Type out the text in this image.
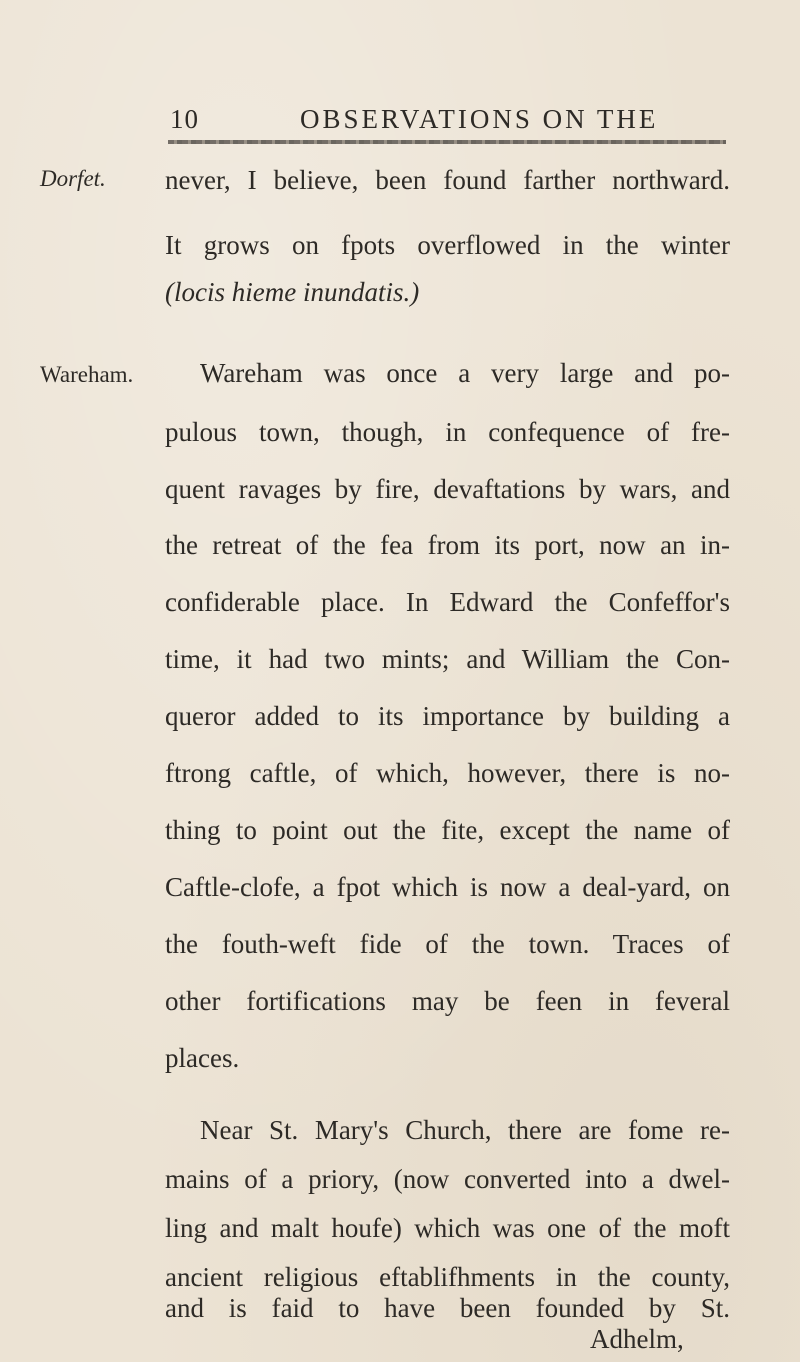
10	OBSERVATIONS ON THE
Dorfet.
Wareham.
never, I believe, been found farther northward.
It grows on fpots overflowed in the winter
(locis hieme inundatis.)
Wareham was once a very large and po-
pulous town, though, in confequence of fre-
quent ravages by fire, devaftations by wars, and
the retreat of the fea from its port, now an in-
confiderable place. In Edward the Confeffor's
time, it had two mints; and William the Con-
queror added to its importance by building a
ftrong caftle, of which, however, there is no-
thing to point out the fite, except the name of
Caftle-clofe, a fpot which is now a deal-yard, on
the fouth-weft fide of the town. Traces of
other fortifications may be feen in feveral
places.
Near St. Mary's Church, there are fome re-
mains of a priory, (now converted into a dwel-
ling and malt houfe) which was one of the moft
ancient religious eftablifhments in the county,
and is faid to have been founded by St.
Adhelm,
